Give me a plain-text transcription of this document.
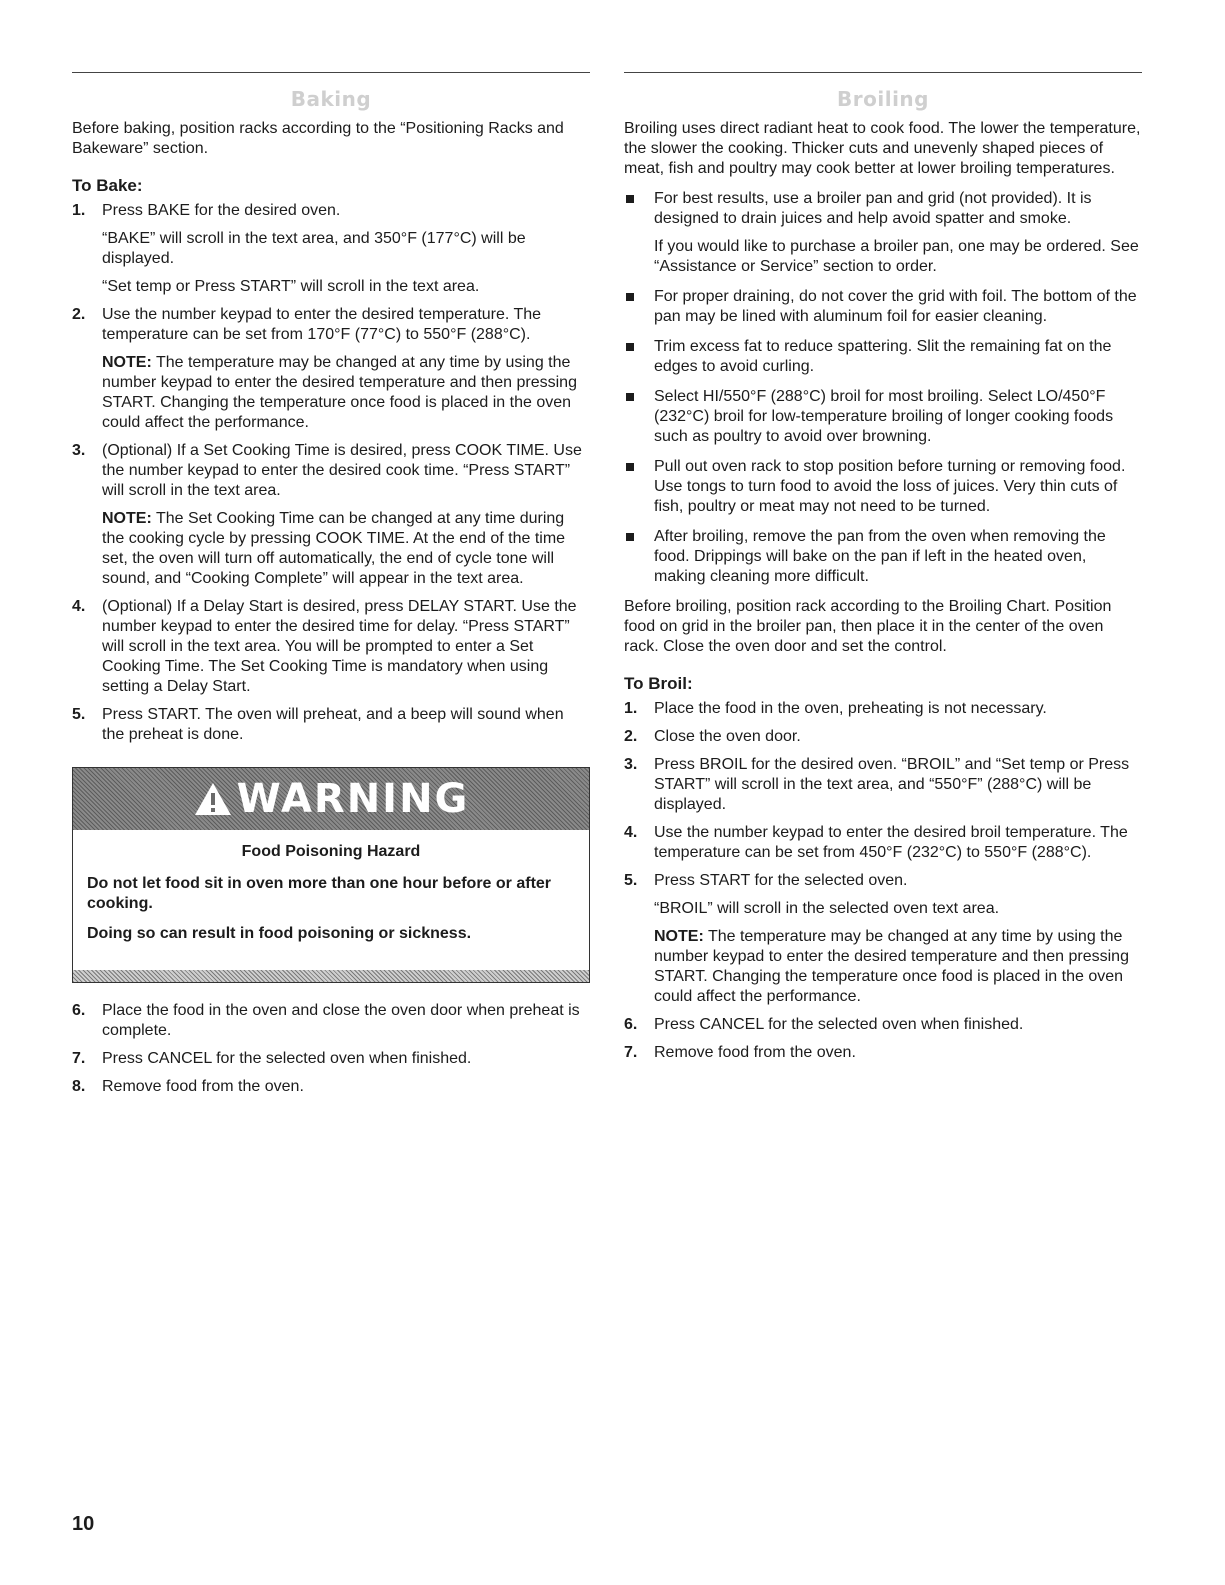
Baking

Before baking, position racks according to the “Positioning Racks and Bakeware” section.

To Bake:
1. Press BAKE for the desired oven.

“BAKE” will scroll in the text area, and 350°F (177°C) will be displayed.

“Set temp or Press START” will scroll in the text area.

2. Use the number keypad to enter the desired temperature. The temperature can be set from 170°F (77°C) to 550°F (288°C).

NOTE: The temperature may be changed at any time by using the number keypad to enter the desired temperature and then pressing START. Changing the temperature once food is placed in the oven could affect the performance.

3. (Optional) If a Set Cooking Time is desired, press COOK TIME. Use the number keypad to enter the desired cook time. “Press START” will scroll in the text area.

NOTE: The Set Cooking Time can be changed at any time during the cooking cycle by pressing COOK TIME. At the end of the time set, the oven will turn off automatically, the end of cycle tone will sound, and “Cooking Complete” will appear in the text area.

4. (Optional) If a Delay Start is desired, press DELAY START. Use the number keypad to enter the desired time for delay. “Press START” will scroll in the text area. You will be prompted to enter a Set Cooking Time. The Set Cooking Time is mandatory when using setting a Delay Start.

5. Press START. The oven will preheat, and a beep will sound when the preheat is done.

WARNING

Food Poisoning Hazard

Do not let food sit in oven more than one hour before or after cooking.

Doing so can result in food poisoning or sickness.

6. Place the food in the oven and close the oven door when preheat is complete.

7. Press CANCEL for the selected oven when finished.

8. Remove food from the oven.

Broiling

Broiling uses direct radiant heat to cook food. The lower the temperature, the slower the cooking. Thicker cuts and unevenly shaped pieces of meat, fish and poultry may cook better at lower broiling temperatures.

For best results, use a broiler pan and grid (not provided). It is designed to drain juices and help avoid spatter and smoke.

If you would like to purchase a broiler pan, one may be ordered. See “Assistance or Service” section to order.

For proper draining, do not cover the grid with foil. The bottom of the pan may be lined with aluminum foil for easier cleaning.

Trim excess fat to reduce spattering. Slit the remaining fat on the edges to avoid curling.

Select HI/550°F (288°C) broil for most broiling. Select LO/450°F (232°C) broil for low-temperature broiling of longer cooking foods such as poultry to avoid over browning.

Pull out oven rack to stop position before turning or removing food. Use tongs to turn food to avoid the loss of juices. Very thin cuts of fish, poultry or meat may not need to be turned.

After broiling, remove the pan from the oven when removing the food. Drippings will bake on the pan if left in the heated oven, making cleaning more difficult.

Before broiling, position rack according to the Broiling Chart. Position food on grid in the broiler pan, then place it in the center of the oven rack. Close the oven door and set the control.

To Broil:
1. Place the food in the oven, preheating is not necessary.

2. Close the oven door.

3. Press BROIL for the desired oven. “BROIL” and “Set temp or Press START” will scroll in the text area, and “550°F” (288°C) will be displayed.

4. Use the number keypad to enter the desired broil temperature. The temperature can be set from 450°F (232°C) to 550°F (288°C).

5. Press START for the selected oven.

“BROIL” will scroll in the selected oven text area.

NOTE: The temperature may be changed at any time by using the number keypad to enter the desired temperature and then pressing START. Changing the temperature once food is placed in the oven could affect the performance.

6. Press CANCEL for the selected oven when finished.

7. Remove food from the oven.

10
